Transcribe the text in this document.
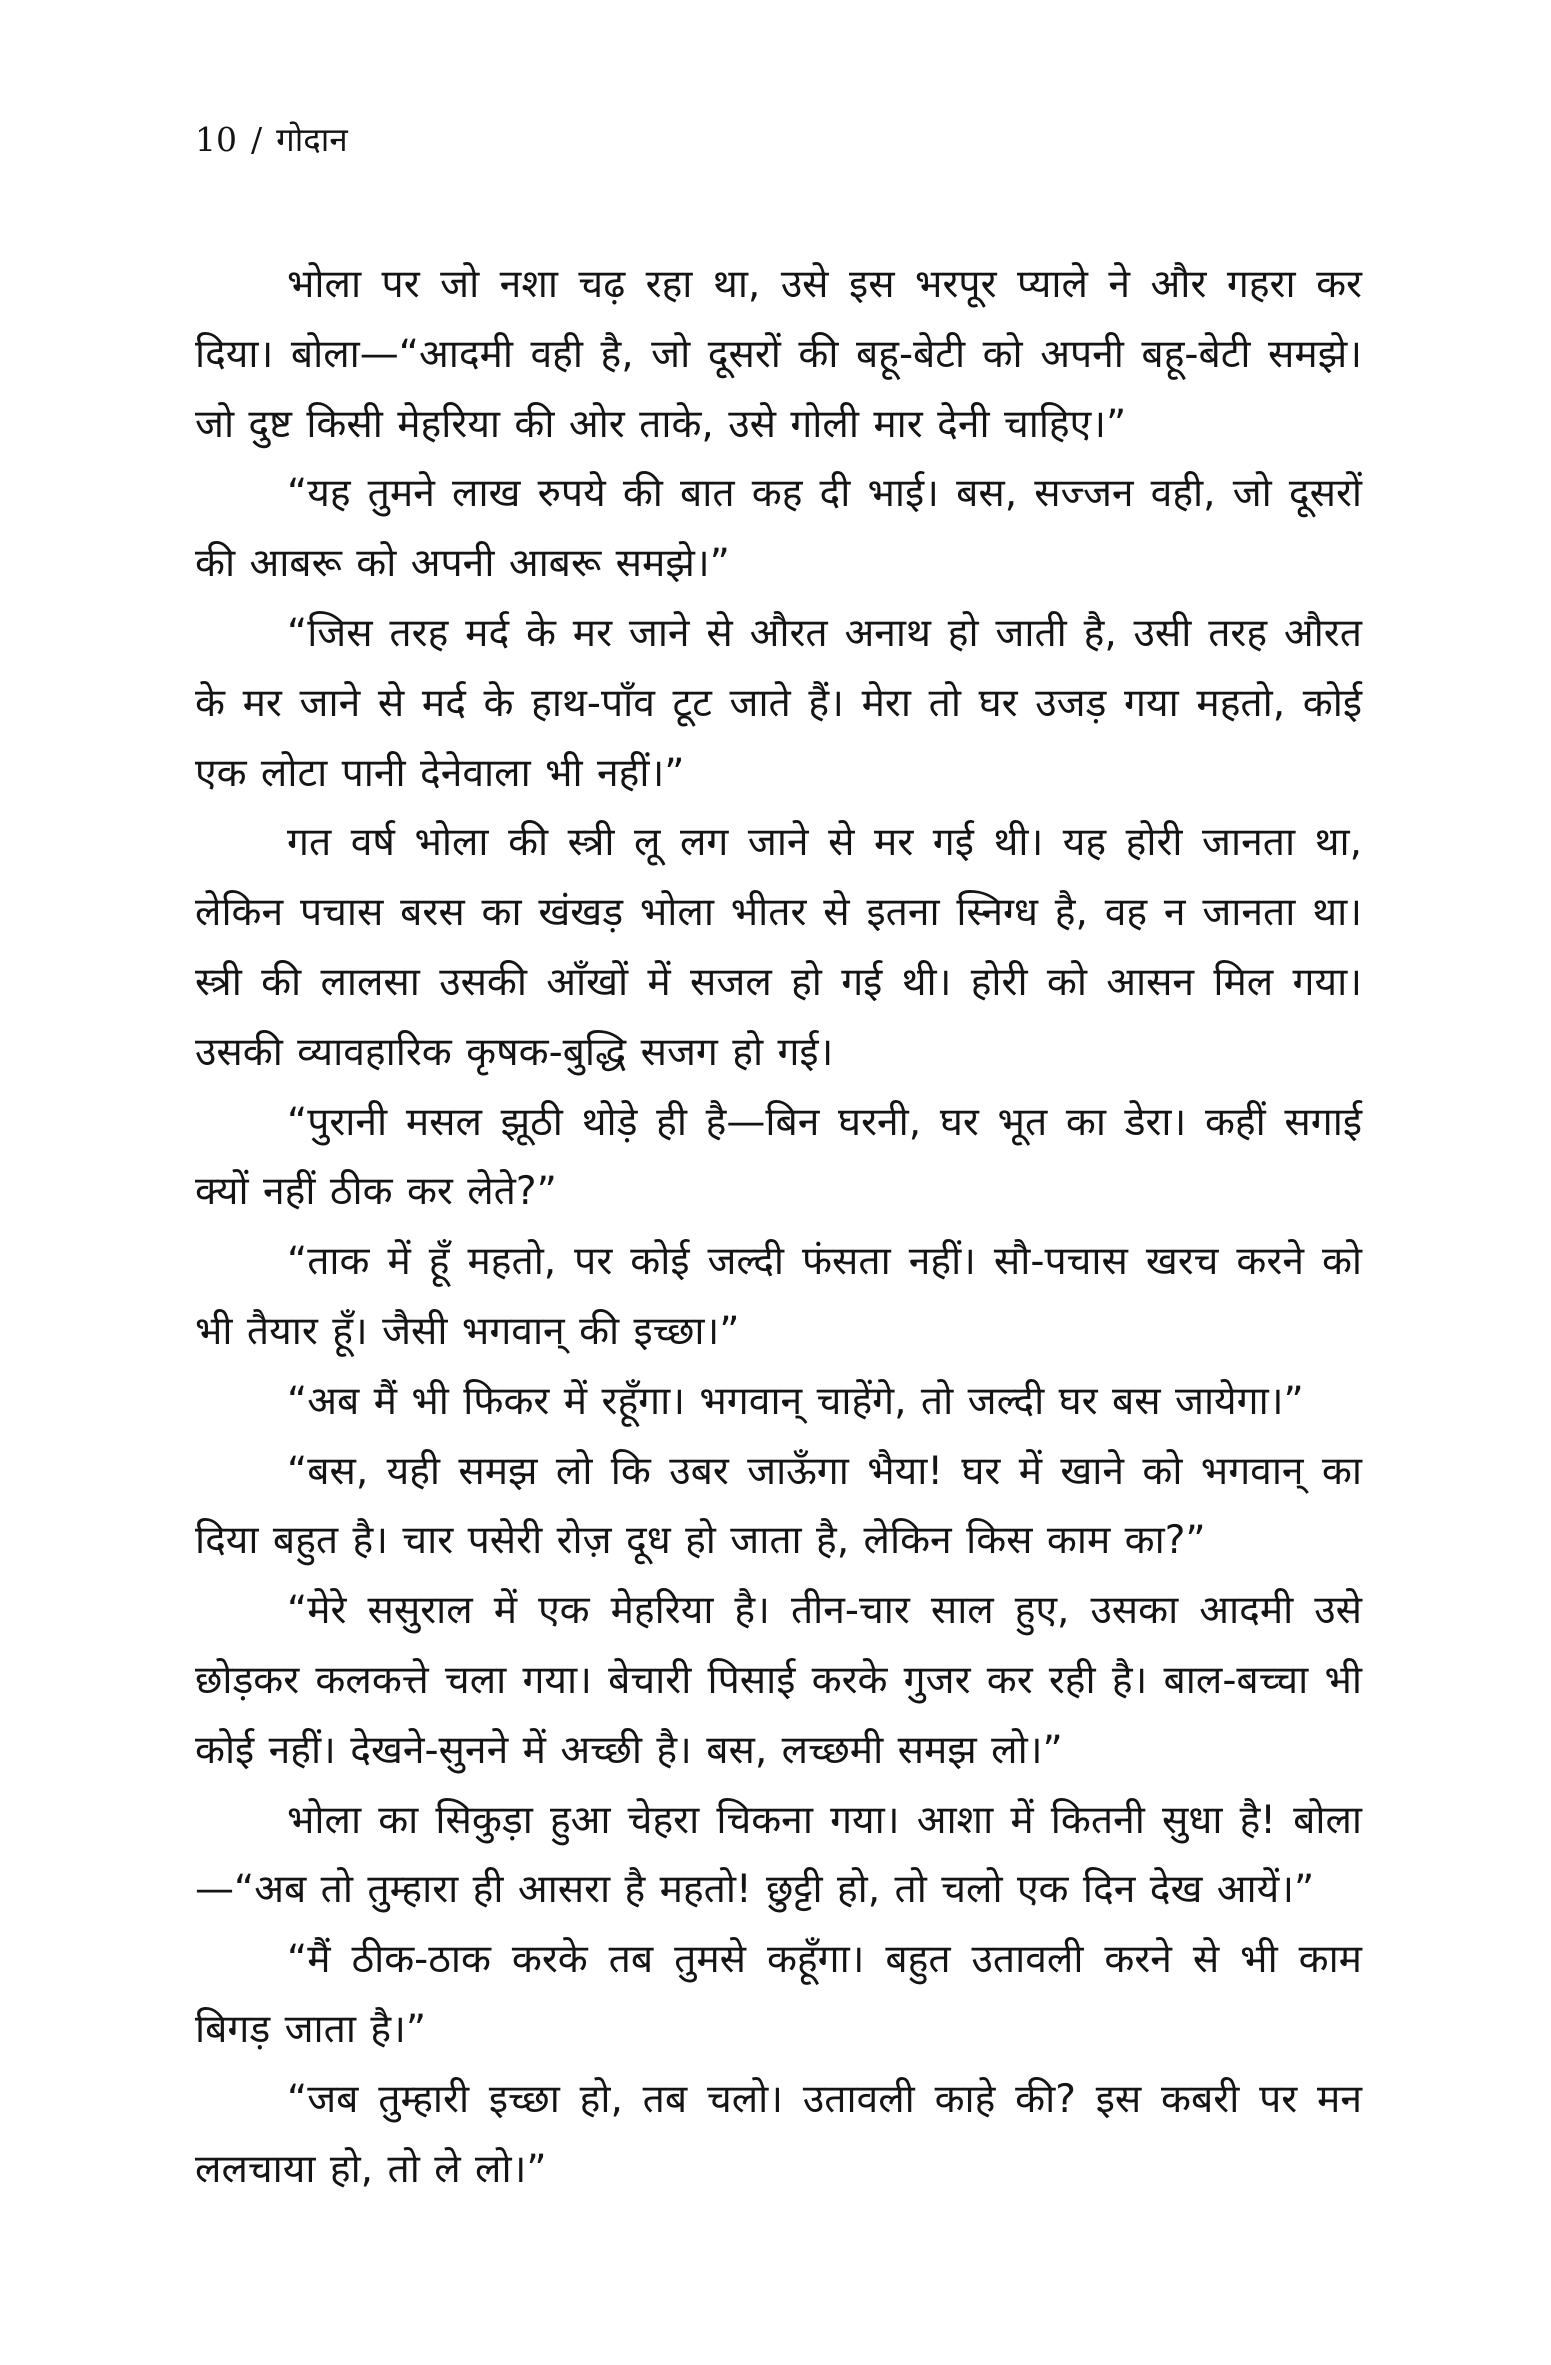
10 / गोदान

भोला पर जो नशा चढ़ रहा था, उसे इस भरपूर प्याले ने और गहरा कर दिया। बोला—“आदमी वही है, जो दूसरों की बहू-बेटी को अपनी बहू-बेटी समझे। जो दुष्ट किसी मेहरिया की ओर ताके, उसे गोली मार देनी चाहिए।”

“यह तुमने लाख रुपये की बात कह दी भाई। बस, सज्जन वही, जो दूसरों की आबरू को अपनी आबरू समझे।”

“जिस तरह मर्द के मर जाने से औरत अनाथ हो जाती है, उसी तरह औरत के मर जाने से मर्द के हाथ-पाँव टूट जाते हैं। मेरा तो घर उजड़ गया महतो, कोई एक लोटा पानी देनेवाला भी नहीं।”

गत वर्ष भोला की स्त्री लू लग जाने से मर गई थी। यह होरी जानता था, लेकिन पचास बरस का खंखड़ भोला भीतर से इतना स्निग्ध है, वह न जानता था। स्त्री की लालसा उसकी आँखों में सजल हो गई थी। होरी को आसन मिल गया। उसकी व्यावहारिक कृषक-बुद्धि सजग हो गई।

“पुरानी मसल झूठी थोड़े ही है—बिन घरनी, घर भूत का डेरा। कहीं सगाई क्यों नहीं ठीक कर लेते?”

“ताक में हूँ महतो, पर कोई जल्दी फंसता नहीं। सौ-पचास खरच करने को भी तैयार हूँ। जैसी भगवान् की इच्छा।”

“अब मैं भी फिकर में रहूँगा। भगवान् चाहेंगे, तो जल्दी घर बस जायेगा।”

“बस, यही समझ लो कि उबर जाऊँगा भैया! घर में खाने को भगवान् का दिया बहुत है। चार पसेरी रोज़ दूध हो जाता है, लेकिन किस काम का?”

“मेरे ससुराल में एक मेहरिया है। तीन-चार साल हुए, उसका आदमी उसे छोड़कर कलकत्ते चला गया। बेचारी पिसाई करके गुजर कर रही है। बाल-बच्चा भी कोई नहीं। देखने-सुनने में अच्छी है। बस, लच्छमी समझ लो।”

भोला का सिकुड़ा हुआ चेहरा चिकना गया। आशा में कितनी सुधा है! बोला—“अब तो तुम्हारा ही आसरा है महतो! छुट्टी हो, तो चलो एक दिन देख आयें।”

“मैं ठीक-ठाक करके तब तुमसे कहूँगा। बहुत उतावली करने से भी काम बिगड़ जाता है।”

“जब तुम्हारी इच्छा हो, तब चलो। उतावली काहे की? इस कबरी पर मन ललचाया हो, तो ले लो।”
